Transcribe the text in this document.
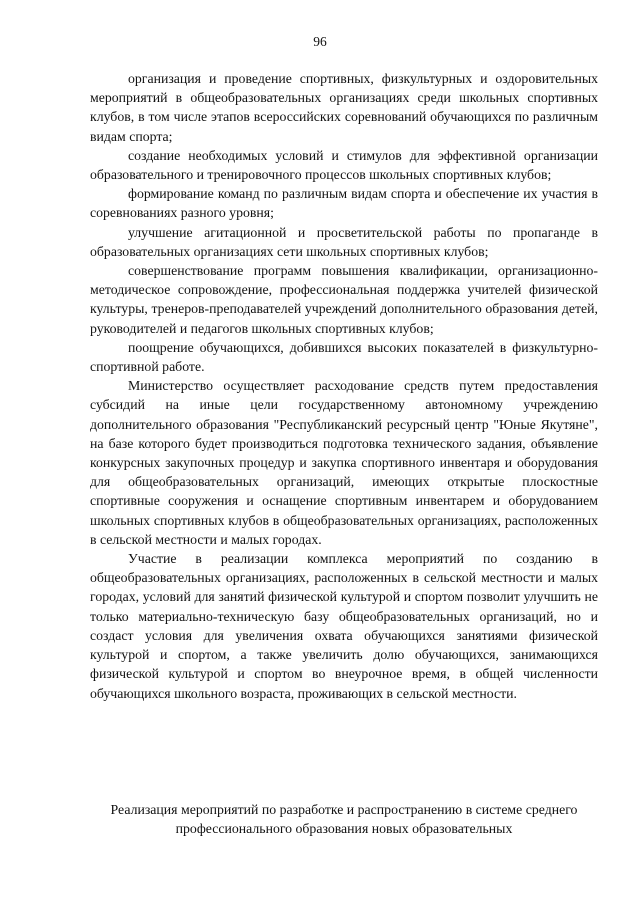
96

организация и проведение спортивных, физкультурных и оздоровительных мероприятий в общеобразовательных организациях среди школьных спортивных клубов, в том числе этапов всероссийских соревнований обучающихся по различным видам спорта;

создание необходимых условий и стимулов для эффективной организации образовательного и тренировочного процессов школьных спортивных клубов;

формирование команд по различным видам спорта и обеспечение их участия в соревнованиях разного уровня;

улучшение агитационной и просветительской работы по пропаганде в образовательных организациях сети школьных спортивных клубов;

совершенствование программ повышения квалификации, организационно-методическое сопровождение, профессиональная поддержка учителей физической культуры, тренеров-преподавателей учреждений дополнительного образования детей, руководителей и педагогов школьных спортивных клубов;

поощрение обучающихся, добившихся высоких показателей в физкультурно-спортивной работе.

Министерство осуществляет расходование средств путем предоставления субсидий на иные цели государственному автономному учреждению дополнительного образования "Республиканский ресурсный центр "Юные Якутяне", на базе которого будет производиться подготовка технического задания, объявление конкурсных закупочных процедур и закупка спортивного инвентаря и оборудования для общеобразовательных организаций, имеющих открытые плоскостные спортивные сооружения и оснащение спортивным инвентарем и оборудованием школьных спортивных клубов в общеобразовательных организациях, расположенных в сельской местности и малых городах.

Участие в реализации комплекса мероприятий по созданию в общеобразовательных организациях, расположенных в сельской местности и малых городах, условий для занятий физической культурой и спортом позволит улучшить не только материально-техническую базу общеобразовательных организаций, но и создаст условия для увеличения охвата обучающихся занятиями физической культурой и спортом, а также увеличить долю обучающихся, занимающихся физической культурой и спортом во внеурочное время, в общей численности обучающихся школьного возраста, проживающих в сельской местности.

Реализация мероприятий по разработке и распространению в системе среднего профессионального образования новых образовательных
